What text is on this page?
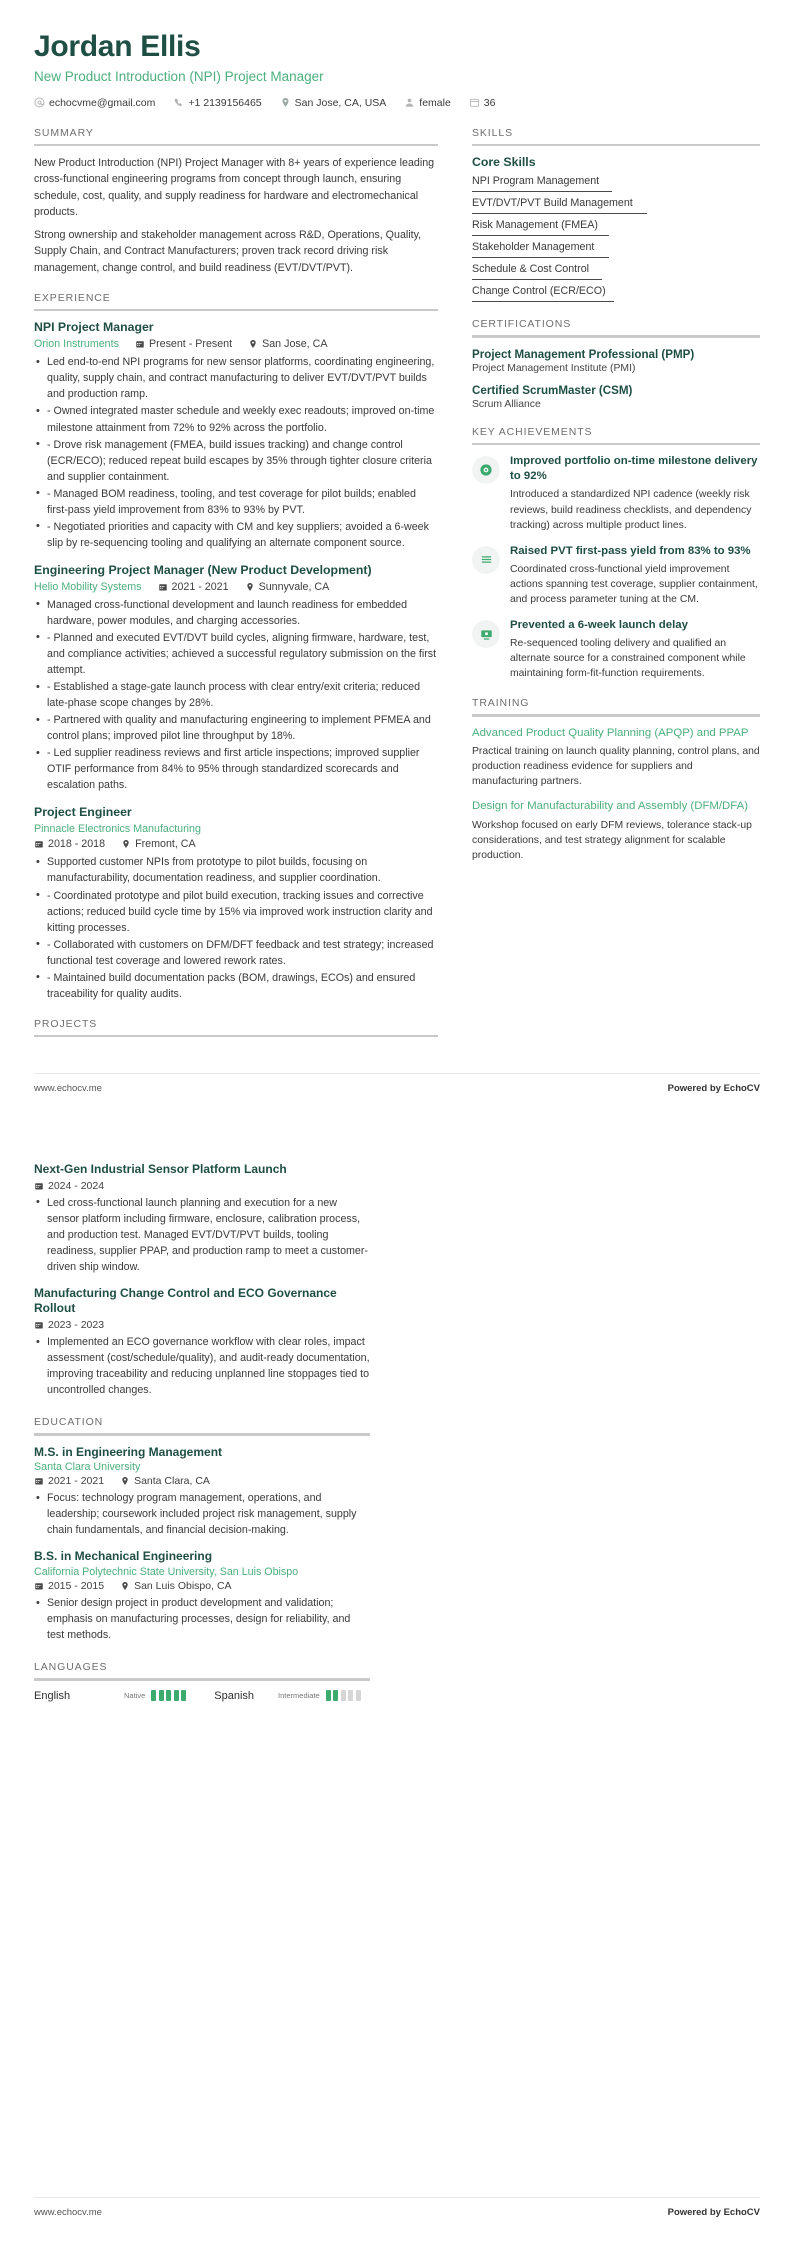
Jordan Ellis
New Product Introduction (NPI) Project Manager
echocvme@gmail.com	+1 2139156465	San Jose, CA, USA	female	36
SUMMARY
New Product Introduction (NPI) Project Manager with 8+ years of experience leading cross-functional engineering programs from concept through launch, ensuring schedule, cost, quality, and supply readiness for hardware and electromechanical products.
Strong ownership and stakeholder management across R&D, Operations, Quality, Supply Chain, and Contract Manufacturers; proven track record driving risk management, change control, and build readiness (EVT/DVT/PVT).
EXPERIENCE
NPI Project Manager
Orion Instruments	Present - Present	San Jose, CA
• Led end-to-end NPI programs for new sensor platforms, coordinating engineering, quality, supply chain, and contract manufacturing to deliver EVT/DVT/PVT builds and production ramp.
• - Owned integrated master schedule and weekly exec readouts; improved on-time milestone attainment from 72% to 92% across the portfolio.
• - Drove risk management (FMEA, build issues tracking) and change control (ECR/ECO); reduced repeat build escapes by 35% through tighter closure criteria and supplier containment.
• - Managed BOM readiness, tooling, and test coverage for pilot builds; enabled first-pass yield improvement from 83% to 93% by PVT.
• - Negotiated priorities and capacity with CM and key suppliers; avoided a 6-week slip by re-sequencing tooling and qualifying an alternate component source.
Engineering Project Manager (New Product Development)
Helio Mobility Systems	2021 - 2021	Sunnyvale, CA
• Managed cross-functional development and launch readiness for embedded hardware, power modules, and charging accessories.
• - Planned and executed EVT/DVT build cycles, aligning firmware, hardware, test, and compliance activities; achieved a successful regulatory submission on the first attempt.
• - Established a stage-gate launch process with clear entry/exit criteria; reduced late-phase scope changes by 28%.
• - Partnered with quality and manufacturing engineering to implement PFMEA and control plans; improved pilot line throughput by 18%.
• - Led supplier readiness reviews and first article inspections; improved supplier OTIF performance from 84% to 95% through standardized scorecards and escalation paths.
Project Engineer
Pinnacle Electronics Manufacturing
2018 - 2018	Fremont, CA
• Supported customer NPIs from prototype to pilot builds, focusing on manufacturability, documentation readiness, and supplier coordination.
• - Coordinated prototype and pilot build execution, tracking issues and corrective actions; reduced build cycle time by 15% via improved work instruction clarity and kitting processes.
• - Collaborated with customers on DFM/DFT feedback and test strategy; increased functional test coverage and lowered rework rates.
• - Maintained build documentation packs (BOM, drawings, ECOs) and ensured traceability for quality audits.
PROJECTS
SKILLS
Core Skills
NPI Program Management
EVT/DVT/PVT Build Management
Risk Management (FMEA)
Stakeholder Management
Schedule & Cost Control
Change Control (ECR/ECO)
CERTIFICATIONS
Project Management Professional (PMP)
Project Management Institute (PMI)
Certified ScrumMaster (CSM)
Scrum Alliance
KEY ACHIEVEMENTS
Improved portfolio on-time milestone delivery to 92%
Introduced a standardized NPI cadence (weekly risk reviews, build readiness checklists, and dependency tracking) across multiple product lines.
Raised PVT first-pass yield from 83% to 93%
Coordinated cross-functional yield improvement actions spanning test coverage, supplier containment, and process parameter tuning at the CM.
Prevented a 6-week launch delay
Re-sequenced tooling delivery and qualified an alternate source for a constrained component while maintaining form-fit-function requirements.
TRAINING
Advanced Product Quality Planning (APQP) and PPAP
Practical training on launch quality planning, control plans, and production readiness evidence for suppliers and manufacturing partners.
Design for Manufacturability and Assembly (DFM/DFA)
Workshop focused on early DFM reviews, tolerance stack-up considerations, and test strategy alignment for scalable production.
www.echocv.me	Powered by EchoCV
Next-Gen Industrial Sensor Platform Launch
2024 - 2024
• Led cross-functional launch planning and execution for a new sensor platform including firmware, enclosure, calibration process, and production test. Managed EVT/DVT/PVT builds, tooling readiness, supplier PPAP, and production ramp to meet a customer-driven ship window.
Manufacturing Change Control and ECO Governance Rollout
2023 - 2023
• Implemented an ECO governance workflow with clear roles, impact assessment (cost/schedule/quality), and audit-ready documentation, improving traceability and reducing unplanned line stoppages tied to uncontrolled changes.
EDUCATION
M.S. in Engineering Management
Santa Clara University
2021 - 2021	Santa Clara, CA
• Focus: technology program management, operations, and leadership; coursework included project risk management, supply chain fundamentals, and financial decision-making.
B.S. in Mechanical Engineering
California Polytechnic State University, San Luis Obispo
2015 - 2015	San Luis Obispo, CA
• Senior design project in product development and validation; emphasis on manufacturing processes, design for reliability, and test methods.
LANGUAGES
English	Native	Spanish	Intermediate
www.echocv.me	Powered by EchoCV
